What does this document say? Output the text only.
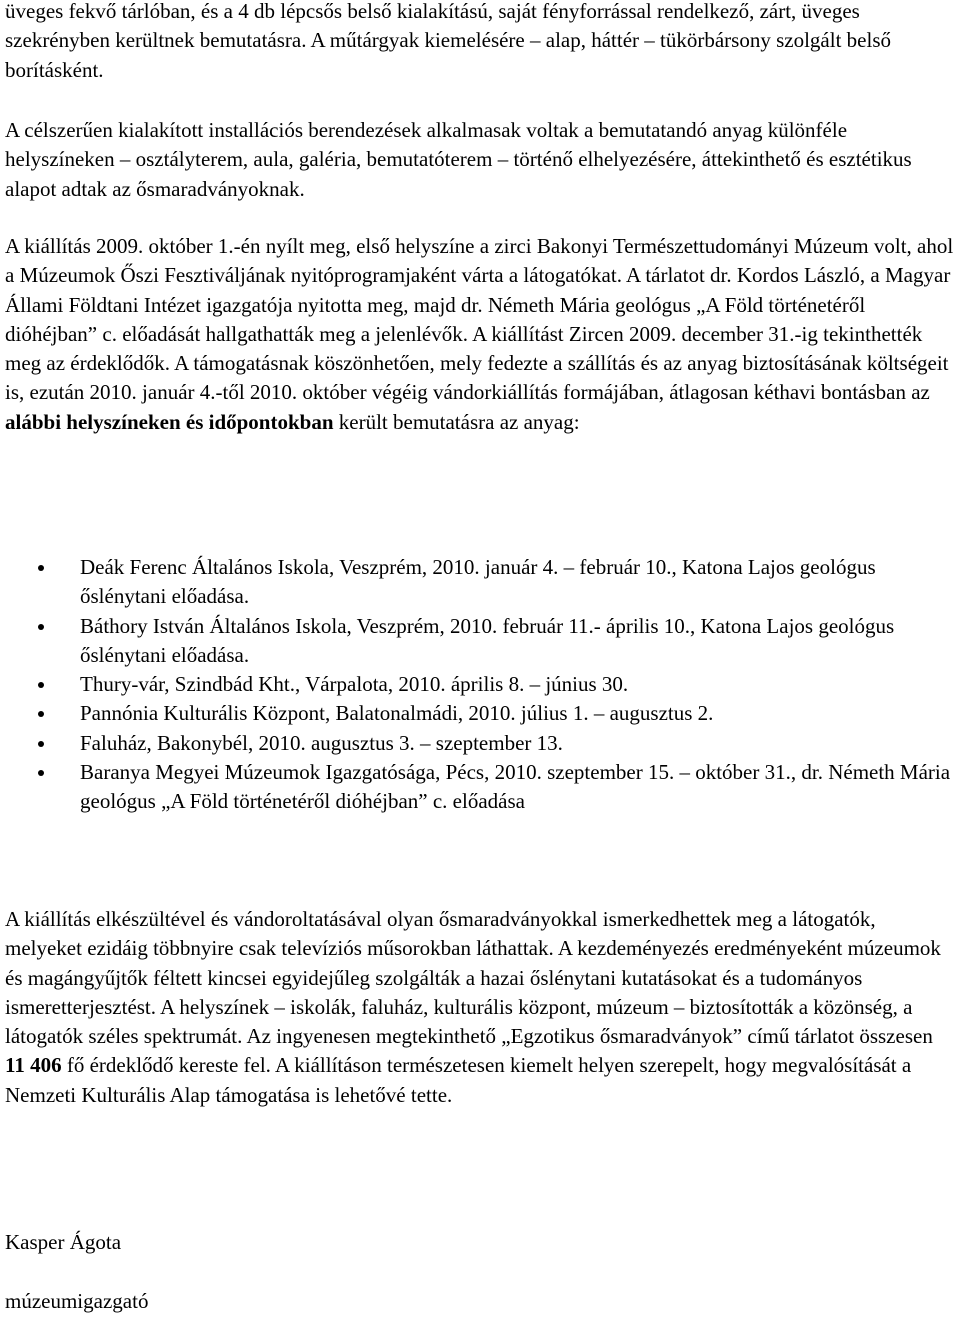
üveges fekvő tárlóban, és a 4 db lépcsős belső kialakítású, saját fényforrással rendelkező, zárt, üveges szekrényben kerültnek bemutatásra. A műtárgyak kiemelésére – alap, háttér – tükörbársony szolgált belső borításként.

A célszerűen kialakított installációs berendezések alkalmasak voltak a bemutatandó anyag különféle helyszíneken – osztályterem, aula, galéria, bemutatóterem – történő elhelyezésére, áttekinthető és esztétikus alapot adtak az ősmaradványoknak.

A kiállítás 2009. október 1.-én nyílt meg, első helyszíne a zirci Bakonyi Természettudományi Múzeum volt, ahol a Múzeumok Őszi Fesztiváljának nyitóprogramjaként várta a látogatókat. A tárlatot dr. Kordos László, a Magyar Állami Földtani Intézet igazgatója nyitotta meg, majd dr. Németh Mária geológus „A Föld történetéről dióhéjban” c. előadását hallgathatták meg a jelenlévők. A kiállítást Zircen 2009. december 31.-ig tekinthették meg az érdeklődők. A támogatásnak köszönhetően, mely fedezte a szállítás és az anyag biztosításának költségeit is, ezután 2010. január 4.-től 2010. október végéig vándorkiállítás formájában, átlagosan kéthavi bontásban az alábbi helyszíneken és időpontokban került bemutatásra az anyag:

Deák Ferenc Általános Iskola, Veszprém, 2010. január 4. – február 10., Katona Lajos geológus őslénytani előadása.
Báthory István Általános Iskola, Veszprém, 2010. február 11.- április 10., Katona Lajos geológus őslénytani előadása.
Thury-vár, Szindbád Kht., Várpalota, 2010. április 8. – június 30.
Pannónia Kulturális Központ, Balatonalmádi, 2010. július 1. – augusztus 2.
Faluház, Bakonybél, 2010. augusztus 3. – szeptember 13.
Baranya Megyei Múzeumok Igazgatósága, Pécs, 2010. szeptember 15. – október 31., dr. Németh Mária geológus „A Föld történetéről dióhéjban” c. előadása

A kiállítás elkészültével és vándoroltatásával olyan ősmaradványokkal ismerkedhettek meg a látogatók, melyeket ezidáig többnyire csak televíziós műsorokban láthattak. A kezdeményezés eredményeként múzeumok és magángyűjtők féltett kincsei egyidejűleg szolgálták a hazai őslénytani kutatásokat és a tudományos ismeretterjesztést. A helyszínek – iskolák, faluház, kulturális központ, múzeum – biztosították a közönség, a látogatók széles spektrumát. Az ingyenesen megtekinthető „Egzotikus ősmaradványok” című tárlatot összesen 11 406 fő érdeklődő kereste fel. A kiállításon természetesen kiemelt helyen szerepelt, hogy megvalósítását a Nemzeti Kulturális Alap támogatása is lehetővé tette.

Kasper Ágota

múzeumigazgató
